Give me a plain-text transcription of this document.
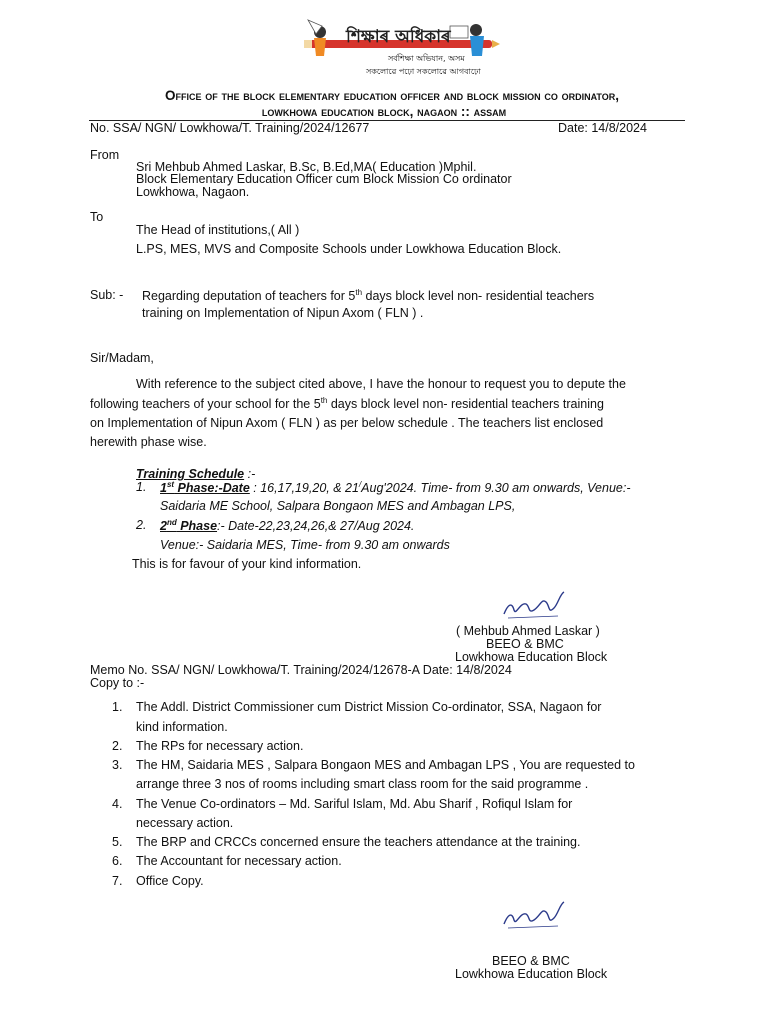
শিক্ষাৰ অধিকাৰ
সৰ্বশিক্ষা অভিযান, অসম
সকলোৱে পঢ়ো সকলোৱে আগবাঢ়ো
Office of the block elementary education officer and block mission co ordinator,
lowkhowa education block, nagaon :: assam
No. SSA/ NGN/ Lowkhowa/T. Training/2024/12677	Date: 14/8/2024
From
Sri Mehbub Ahmed Laskar, B.Sc, B.Ed,MA( Education )Mphil.
Block Elementary Education Officer cum Block Mission Co ordinator
Lowkhowa, Nagaon.
To
The Head of institutions,( All )
L.PS, MES, MVS and Composite Schools under Lowkhowa Education Block.
Sub: - Regarding deputation of teachers for 5th days block level non- residential teachers
training on Implementation of Nipun Axom ( FLN ) .
Sir/Madam,
With reference to the subject cited above, I have the honour to request you to depute the
following teachers of your school for the 5th days block level non- residential teachers training
on Implementation of Nipun Axom ( FLN ) as per below schedule . The teachers list enclosed
herewith phase wise.
Training Schedule :-
1. 1st Phase:-Date : 16,17,19,20, & 21/Aug'2024. Time- from 9.30 am onwards, Venue:-
Saidaria ME School, Salpara Bongaon MES and Ambagan LPS,
2. 2nd Phase:- Date-22,23,24,26,& 27/Aug 2024.
Venue:- Saidaria MES, Time- from 9.30 am onwards
This is for favour of your kind information.
( Mehbub Ahmed Laskar )
BEEO & BMC
Lowkhowa Education Block
Memo No. SSA/ NGN/ Lowkhowa/T. Training/2024/12678-A Date: 14/8/2024
Copy to :-
1. The Addl. District Commissioner cum District Mission Co-ordinator, SSA, Nagaon for
kind information.
2. The RPs for necessary action.
3. The HM, Saidaria MES , Salpara Bongaon MES and Ambagan LPS , You are requested to
arrange three 3 nos of rooms including smart class room for the said programme .
4. The Venue Co-ordinators – Md. Sariful Islam, Md. Abu Sharif , Rofiqul Islam for
necessary action.
5. The BRP and CRCCs concerned ensure the teachers attendance at the training.
6. The Accountant for necessary action.
7. Office Copy.
BEEO & BMC
Lowkhowa Education Block
